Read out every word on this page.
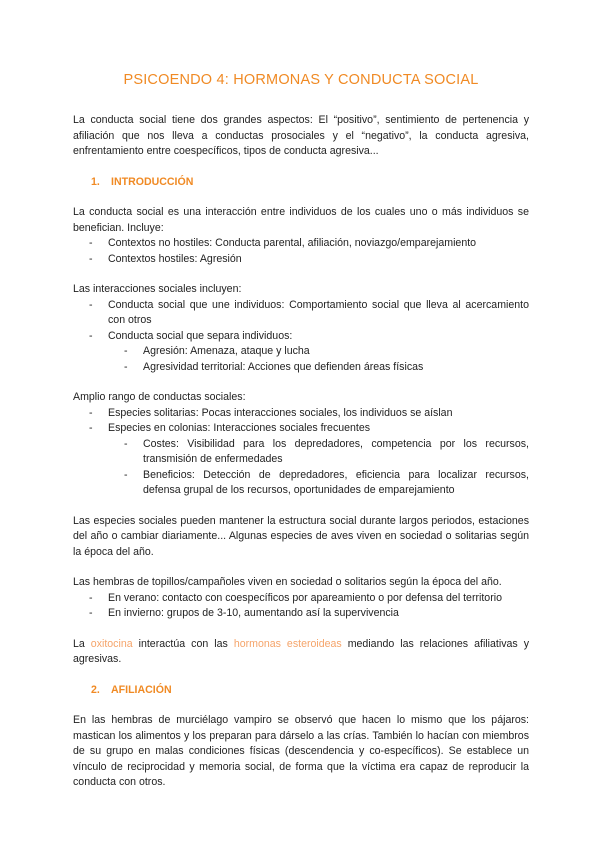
PSICOENDO 4: HORMONAS Y CONDUCTA SOCIAL

La conducta social tiene dos grandes aspectos: El “positivo”, sentimiento de pertenencia y afiliación que nos lleva a conductas prosociales y el “negativo”, la conducta agresiva, enfrentamiento entre coespecíficos, tipos de conducta agresiva...

1. INTRODUCCIÓN

La conducta social es una interacción entre individuos de los cuales uno o más individuos se benefician. Incluye:

- Contextos no hostiles: Conducta parental, afiliación, noviazgo/emparejamiento
- Contextos hostiles: Agresión

Las interacciones sociales incluyen:

- Conducta social que une individuos: Comportamiento social que lleva al acercamiento con otros
- Conducta social que separa individuos:
- Agresión: Amenaza, ataque y lucha
- Agresividad territorial: Acciones que defienden áreas físicas

Amplio rango de conductas sociales:

- Especies solitarias: Pocas interacciones sociales, los individuos se aíslan
- Especies en colonias: Interacciones sociales frecuentes
- Costes: Visibilidad para los depredadores, competencia por los recursos, transmisión de enfermedades
- Beneficios: Detección de depredadores, eficiencia para localizar recursos, defensa grupal de los recursos, oportunidades de emparejamiento

Las especies sociales pueden mantener la estructura social durante largos periodos, estaciones del año o cambiar diariamente... Algunas especies de aves viven en sociedad o solitarias según la época del año.

Las hembras de topillos/campañoles viven en sociedad o solitarios según la época del año.

- En verano: contacto con coespecíficos por apareamiento o por defensa del territorio
- En invierno: grupos de 3-10, aumentando así la supervivencia

La oxitocina interactúa con las hormonas esteroideas mediando las relaciones afiliativas y agresivas.

2. AFILIACIÓN

En las hembras de murciélago vampiro se observó que hacen lo mismo que los pájaros: mastican los alimentos y los preparan para dárselo a las crías. También lo hacían con miembros de su grupo en malas condiciones físicas (descendencia y co-específicos). Se establece un vínculo de reciprocidad y memoria social, de forma que la víctima era capaz de reproducir la conducta con otros.
